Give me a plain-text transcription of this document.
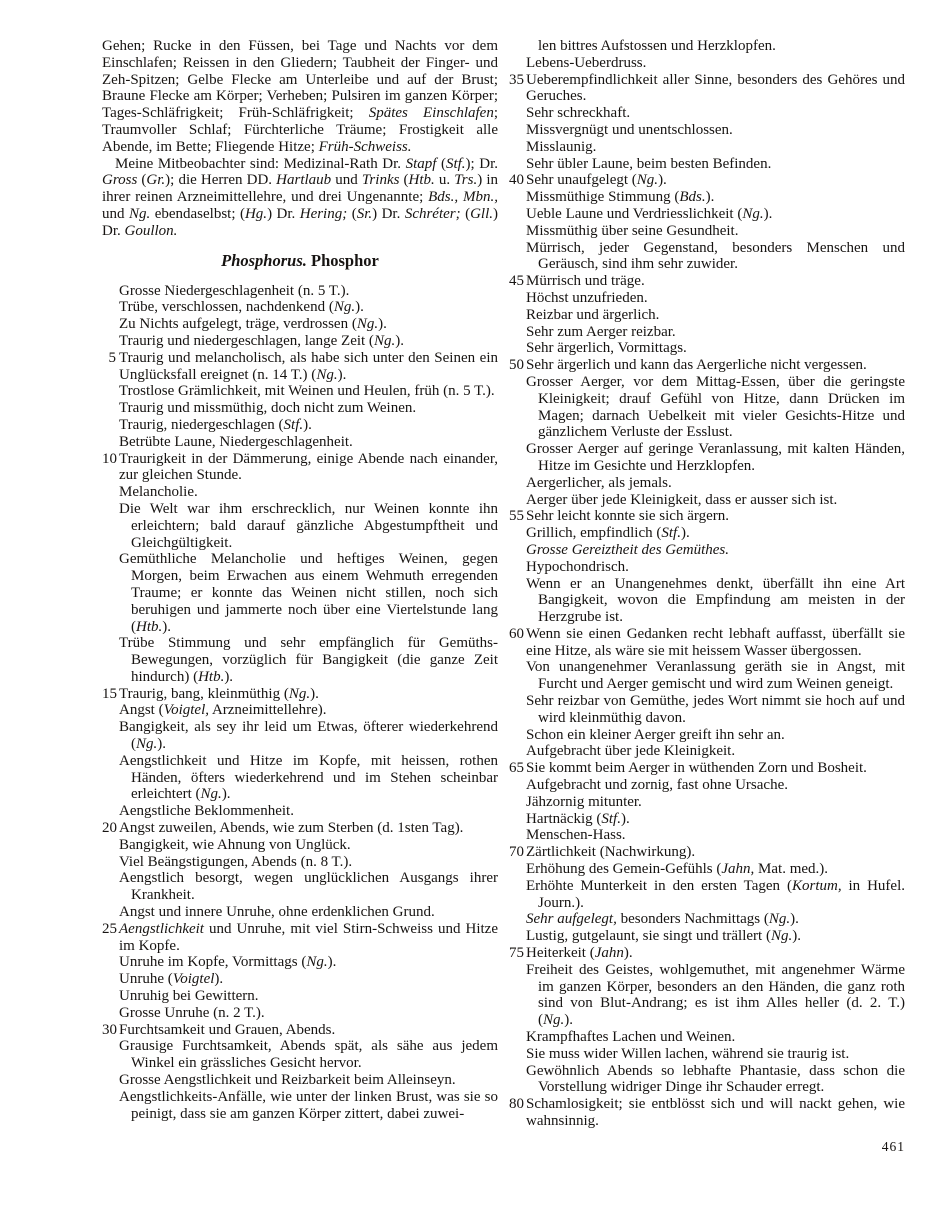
Gehen; Rucke in den Füssen, bei Tage und Nachts vor dem Einschlafen; Reissen in den Gliedern; Taubheit der Finger- und Zeh-Spitzen; Gelbe Flecke am Unterleibe und auf der Brust; Braune Flecke am Körper; Verheben; Pulsiren im ganzen Körper; Tages-Schläfrigkeit; Früh-Schläfrigkeit; Spätes Einschlafen; Traumvoller Schlaf; Fürchterliche Träume; Frostigkeit alle Abende, im Bette; Fliegende Hitze; Früh-Schweiss.

Meine Mitbeobachter sind: Medizinal-Rath Dr. Stapf (Stf.); Dr. Gross (Gr.); die Herren DD. Hartlaub und Trinks (Htb. u. Trs.) in ihrer reinen Arzneimittellehre, und drei Ungenannte; Bds., Mbn., und Ng. ebendaselbst; (Hg.) Dr. Hering; (Sr.) Dr. Schréter; (Gll.) Dr. Goullon.

Phosphorus. Phosphor
Grosse Niedergeschlagenheit (n. 5 T.).
Trübe, verschlossen, nachdenkend (Ng.).
Zu Nichts aufgelegt, träge, verdrossen (Ng.).
Traurig und niedergeschlagen, lange Zeit (Ng.).
5 Traurig und melancholisch, als habe sich unter den Seinen ein Unglücksfall ereignet (n. 14 T.) (Ng.).
Trostlose Grämlichkeit, mit Weinen und Heulen, früh (n. 5 T.).
Traurig und missmüthig, doch nicht zum Weinen.
Traurig, niedergeschlagen (Stf.).
Betrübte Laune, Niedergeschlagenheit.
10 Traurigkeit in der Dämmerung, einige Abende nach einander, zur gleichen Stunde.
Melancholie.
Die Welt war ihm erschrecklich, nur Weinen konnte ihn erleichtern; bald darauf gänzliche Abgestumpftheit und Gleichgültigkeit.
Gemüthliche Melancholie und heftiges Weinen, gegen Morgen, beim Erwachen aus einem Wehmuth erregenden Traume; er konnte das Weinen nicht stillen, noch sich beruhigen und jammerte noch über eine Viertelstunde lang (Htb.).
Trübe Stimmung und sehr empfänglich für Gemüths-Bewegungen, vorzüglich für Bangigkeit (die ganze Zeit hindurch) (Htb.).
15 Traurig, bang, kleinmüthig (Ng.).
Angst (Voigtel, Arzneimittellehre).
Bangigkeit, als sey ihr leid um Etwas, öfterer wiederkehrend (Ng.).
Aengstlichkeit und Hitze im Kopfe, mit heissen, rothen Händen, öfters wiederkehrend und im Stehen scheinbar erleichtert (Ng.).
Aengstliche Beklommenheit.
20 Angst zuweilen, Abends, wie zum Sterben (d. 1sten Tag).
Bangigkeit, wie Ahnung von Unglück.
Viel Beängstigungen, Abends (n. 8 T.).
Aengstlich besorgt, wegen unglücklichen Ausgangs ihrer Krankheit.
Angst und innere Unruhe, ohne erdenklichen Grund.
25 Aengstlichkeit und Unruhe, mit viel Stirn-Schweiss und Hitze im Kopfe.
Unruhe im Kopfe, Vormittags (Ng.).
Unruhe (Voigtel).
Unruhig bei Gewittern.
Grosse Unruhe (n. 2 T.).
30 Furchtsamkeit und Grauen, Abends.
Grausige Furchtsamkeit, Abends spät, als sähe aus jedem Winkel ein grässliches Gesicht hervor.
Grosse Aengstlichkeit und Reizbarkeit beim Alleinseyn.
Aengstlichkeits-Anfälle, wie unter der linken Brust, was sie so peinigt, dass sie am ganzen Körper zittert, dabei zuwei-
len bittres Aufstossen und Herzklopfen.
Lebens-Ueberdruss.
35 Ueberempfindlichkeit aller Sinne, besonders des Gehöres und Geruches.
Sehr schreckhaft.
Missvergnügt und unentschlossen.
Misslaunig.
Sehr übler Laune, beim besten Befinden.
40 Sehr unaufgelegt (Ng.).
Missmüthige Stimmung (Bds.).
Ueble Laune und Verdriesslichkeit (Ng.).
Missmüthig über seine Gesundheit.
Mürrisch, jeder Gegenstand, besonders Menschen und Geräusch, sind ihm sehr zuwider.
45 Mürrisch und träge.
Höchst unzufrieden.
Reizbar und ärgerlich.
Sehr zum Aerger reizbar.
Sehr ärgerlich, Vormittags.
50 Sehr ärgerlich und kann das Aergerliche nicht vergessen.
Grosser Aerger, vor dem Mittag-Essen, über die geringste Kleinigkeit; drauf Gefühl von Hitze, dann Drücken im Magen; darnach Uebelkeit mit vieler Gesichts-Hitze und gänzlichem Verluste der Esslust.
Grosser Aerger auf geringe Veranlassung, mit kalten Händen, Hitze im Gesichte und Herzklopfen.
Aergerlicher, als jemals.
Aerger über jede Kleinigkeit, dass er ausser sich ist.
55 Sehr leicht konnte sie sich ärgern.
Grillich, empfindlich (Stf.).
Grosse Gereiztheit des Gemüthes.
Hypochondrisch.
Wenn er an Unangenehmes denkt, überfällt ihn eine Art Bangigkeit, wovon die Empfindung am meisten in der Herzgrube ist.
60 Wenn sie einen Gedanken recht lebhaft auffasst, überfällt sie eine Hitze, als wäre sie mit heissem Wasser übergossen.
Von unangenehmer Veranlassung geräth sie in Angst, mit Furcht und Aerger gemischt und wird zum Weinen geneigt.
Sehr reizbar von Gemüthe, jedes Wort nimmt sie hoch auf und wird kleinmüthig davon.
Schon ein kleiner Aerger greift ihn sehr an.
Aufgebracht über jede Kleinigkeit.
65 Sie kommt beim Aerger in wüthenden Zorn und Bosheit.
Aufgebracht und zornig, fast ohne Ursache.
Jähzornig mitunter.
Hartnäckig (Stf.).
Menschen-Hass.
70 Zärtlichkeit (Nachwirkung).
Erhöhung des Gemein-Gefühls (Jahn, Mat. med.).
Erhöhte Munterkeit in den ersten Tagen (Kortum, in Hufel. Journ.).
Sehr aufgelegt, besonders Nachmittags (Ng.).
Lustig, gutgelaunt, sie singt und trällert (Ng.).
75 Heiterkeit (Jahn).
Freiheit des Geistes, wohlgemuthet, mit angenehmer Wärme im ganzen Körper, besonders an den Händen, die ganz roth sind von Blut-Andrang; es ist ihm Alles heller (d. 2. T.) (Ng.).
Krampfhaftes Lachen und Weinen.
Sie muss wider Willen lachen, während sie traurig ist.
Gewöhnlich Abends so lebhafte Phantasie, dass schon die Vorstellung widriger Dinge ihr Schauder erregt.
80 Schamlosigkeit; sie entblösst sich und will nackt gehen, wie wahnsinnig.
461
